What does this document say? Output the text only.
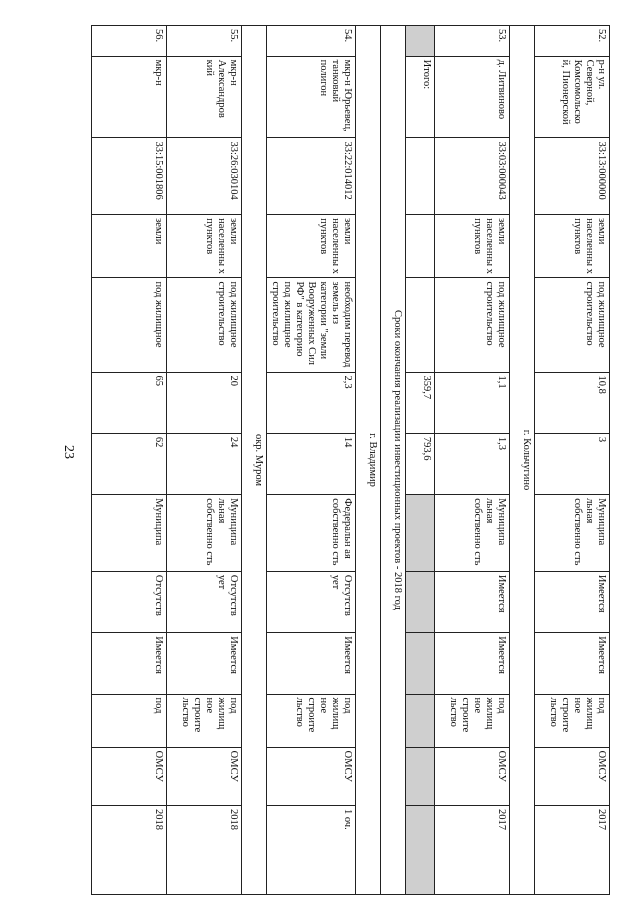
23
52.	р-н ул. Северной, Комсомольско й, Пионерской	33:13:000000	земли населенны х пунктов	под жилищное строительство	10,8	3	Муниципа льная собственно сть	Имеется	Имеется	под жилищ ное строите льство	ОМСУ	2017
г. Кольчугино												
53.	д. Литвиново	33:03:000043	земли населенны х пунктов	под жилищное строительство	1,1	1,3	Муниципа льная собственно сть	Имеется	Имеется	под жилищ ное строите льство	ОМСУ	2017
	Итого:				359,7	793,6						
Сроки окончания реализации инвестиционных проектов - 2018 год												
г. Владимир												
54.	мкр-н Юрьевец, танковый полигон	33:22:014012	земли населенны х пунктов	необходим перевод земель из категории "земли Вооруженных Сил РФ" в категорию под жилищное строительство	2,3	14	Федеральн ая собственно сть	Отсутств ует	Имеется	под жилищ ное строите льство	ОМСУ	1 оч.
окр. Муром												
55.	мкр-н Александров кий	33:26:030104	земли населенны х пунктов	под жилищное строительство	20	24	Муниципа льная собственно сть	Отсутств ует	Имеется	под жилищ ное строите льство	ОМСУ	2018
56.	мкр-н	33:15:001806	земли	под жилищное	65	62	Муниципа	Отсутств	Имеется	под	ОМСУ	2018
